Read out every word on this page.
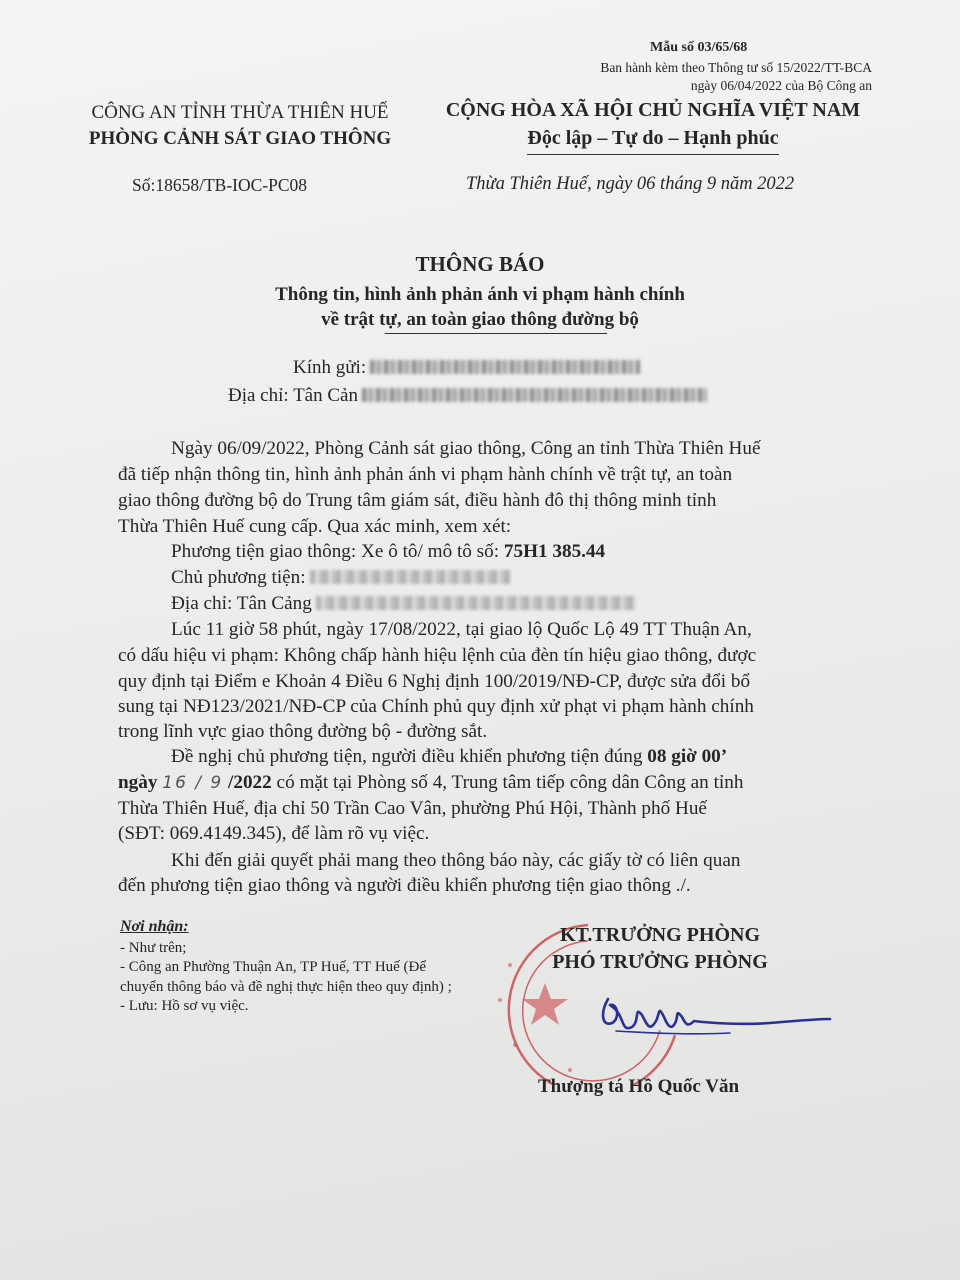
Mẫu số 03/65/68
Ban hành kèm theo Thông tư số 15/2022/TT-BCA
ngày 06/04/2022 của Bộ Công an
CÔNG AN TỈNH THỪA THIÊN HUẾ
PHÒNG CẢNH SÁT GIAO THÔNG
CỘNG HÒA XÃ HỘI CHỦ NGHĨA VIỆT NAM
Độc lập – Tự do – Hạnh phúc
Số:18658/TB-IOC-PC08	Thừa Thiên Huế, ngày 06 tháng 9 năm 2022
THÔNG BÁO
Thông tin, hình ảnh phản ánh vi phạm hành chính
về trật tự, an toàn giao thông đường bộ
Kính gửi:
Địa chỉ: Tân Cản
Ngày 06/09/2022, Phòng Cảnh sát giao thông, Công an tỉnh Thừa Thiên Huế
đã tiếp nhận thông tin, hình ảnh phản ánh vi phạm hành chính về trật tự, an toàn
giao thông đường bộ do Trung tâm giám sát, điều hành đô thị thông minh tỉnh
Thừa Thiên Huế cung cấp. Qua xác minh, xem xét:
Phương tiện giao thông: Xe ô tô/ mô tô số: 75H1 385.44
Chủ phương tiện:
Địa chỉ: Tân Cảng
Lúc 11 giờ 58 phút, ngày 17/08/2022, tại giao lộ Quốc Lộ 49 TT Thuận An,
có dấu hiệu vi phạm: Không chấp hành hiệu lệnh của đèn tín hiệu giao thông, được
quy định tại Điểm e Khoản 4 Điều 6 Nghị định 100/2019/NĐ-CP, được sửa đổi bổ
sung tại NĐ123/2021/NĐ-CP của Chính phủ quy định xử phạt vi phạm hành chính
trong lĩnh vực giao thông đường bộ - đường sắt.
Đề nghị chủ phương tiện, người điều khiển phương tiện đúng 08 giờ 00’
ngày 16 / 9 /2022 có mặt tại Phòng số 4, Trung tâm tiếp công dân Công an tỉnh
Thừa Thiên Huế, địa chỉ 50 Trần Cao Vân, phường Phú Hội, Thành phố Huế
(SĐT: 069.4149.345), để làm rõ vụ việc.
Khi đến giải quyết phải mang theo thông báo này, các giấy tờ có liên quan
đến phương tiện giao thông và người điều khiển phương tiện giao thông ./.
Nơi nhận:
- Như trên;
- Công an Phường Thuận An, TP Huế, TT Huế (Để chuyển thông báo và đề nghị thực hiện theo quy định) ;
- Lưu: Hồ sơ vụ việc.
KT.TRƯỞNG PHÒNG
PHÓ TRƯỞNG PHÒNG
Thượng tá Hồ Quốc Văn
